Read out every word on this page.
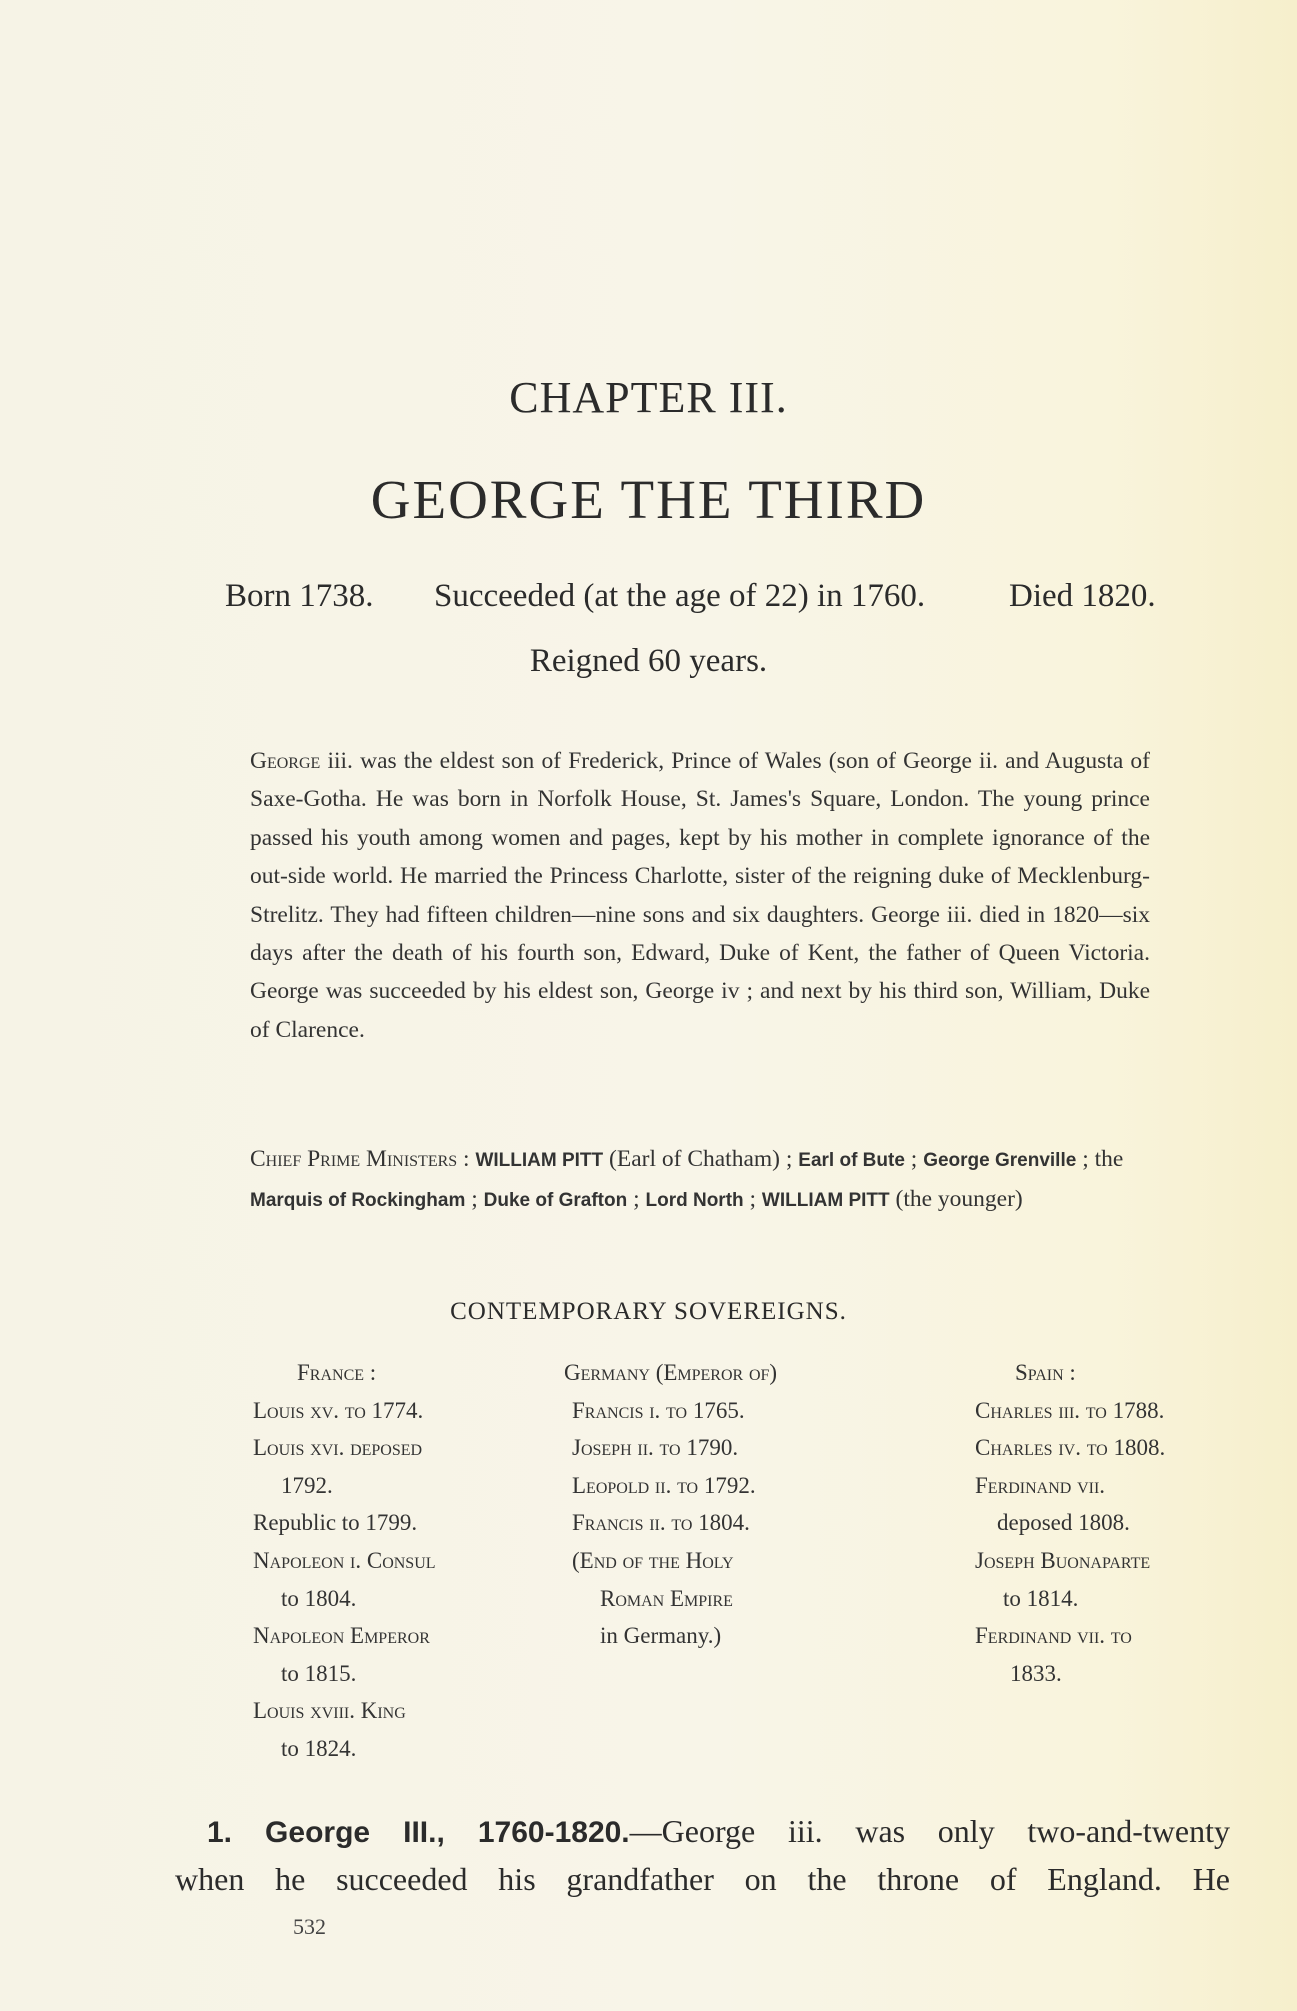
CHAPTER III.
GEORGE THE THIRD
Born 1738. Succeeded (at the age of 22) in 1760.	Died 1820.
Reigned 60 years.
George iii. was the eldest son of Frederick, Prince of Wales (son of George ii. and Augusta of Saxe-Gotha. He was born in Norfolk House, St. James's Square, London. The young prince passed his youth among women and pages, kept by his mother in complete ignorance of the out-side world. He married the Princess Charlotte, sister of the reigning duke of Mecklenburg-Strelitz. They had fifteen children—nine sons and six daughters. George iii. died in 1820—six days after the death of his fourth son, Edward, Duke of Kent, the father of Queen Victoria. George was succeeded by his eldest son, George iv ; and next by his third son, William, Duke of Clarence.
Chief Prime Ministers : WILLIAM PITT (Earl of Chatham) ; Earl of Bute ; George Grenville ; the Marquis of Rockingham ; Duke of Grafton ; Lord North ; WILLIAM PITT (the younger)
CONTEMPORARY SOVEREIGNS.
France :
Louis xv. to 1774.
Louis xvi. deposed
1792.
Republic to 1799.
Napoleon i. Consul
to 1804.
Napoleon Emperor
to 1815.
Louis xviii. King
to 1824.
Germany (Emperor of)
Francis i. to 1765.
Joseph ii. to 1790.
Leopold ii. to 1792.
Francis ii. to 1804.
(End of the Holy
Roman Empire
in Germany.)
Spain :
Charles iii. to 1788.
Charles iv. to 1808.
Ferdinand vii.
deposed 1808.
Joseph Buonaparte
to 1814.
Ferdinand vii. to
1833.
1. George III., 1760-1820.—George iii. was only two-and-twenty
when he succeeded his grandfather on the throne of England. He
532
